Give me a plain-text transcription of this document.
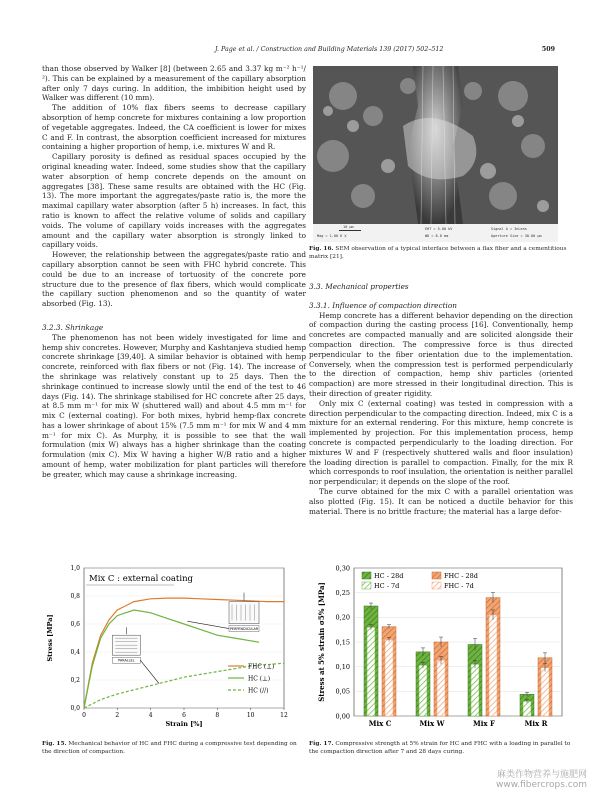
J. Page et al. / Construction and Building Materials 139 (2017) 502–512	509

than those observed by Walker [8] (between 2.65 and 3.37 kg m⁻² h⁻¹/²). This can be explained by a measurement of the capillary absorption after only 7 days curing. In addition, the imbibition height used by Walker was different (10 mm).

The addition of 10% flax fibers seems to decrease capillary absorption of hemp concrete for mixtures containing a low proportion of vegetable aggregates. Indeed, the CA coefficient is lower for mixes C and F. In contrast, the absorption coefficient increased for mixtures containing a higher proportion of hemp, i.e. mixtures W and R.

Capillary porosity is defined as residual spaces occupied by the original kneading water. Indeed, some studies show that the capillary water absorption of hemp concrete depends on the amount on aggregates [38]. These same results are obtained with the HC (Fig. 13). The more important the aggregates/paste ratio is, the more the maximal capillary water absorption (after 5 h) increases. In fact, this ratio is known to affect the relative volume of solids and capillary voids. The volume of capillary voids increases with the aggregates amount and the capillary water absorption is strongly linked to capillary voids.

However, the relationship between the aggregates/paste ratio and capillary absorption cannot be seen with FHC hybrid concrete. This could be due to an increase of tortuosity of the concrete pore structure due to the presence of flax fibers, which would complicate the capillary suction phenomenon and so the quantity of water absorbed (Fig. 13).

3.2.3. Shrinkage

The phenomenon has not been widely investigated for lime and hemp shiv concretes. However, Murphy and Kashtanjeva studied hemp concrete shrinkage [39,40]. A similar behavior is obtained with hemp concrete, reinforced with flax fibers or not (Fig. 14). The increase of the shrinkage was relatively constant up to 25 days. Then the shrinkage continued to increase slowly until the end of the test to 46 days (Fig. 14). The shrinkage stabilised for HC concrete after 25 days, at 8.5 mm m⁻¹ for mix W (shuttered wall) and about 4.5 mm m⁻¹ for mix C (external coating). For both mixes, hybrid hemp-flax concrete has a lower shrinkage of about 15% (7.5 mm m⁻¹ for mix W and 4 mm m⁻¹ for mix C). As Murphy, it is possible to see that the wall formulation (mix W) always has a higher shrinkage than the coating formulation (mix C). Mix W having a higher W/B ratio and a higher amount of hemp, water mobilization for plant particles will therefore be greater, which may cause a shrinkage increasing.

10 µm
Mag = 1.00 K X
EHT = 5.00 kV
WD = 8.8 mm
Signal A = InLens
Aperture Size = 30.00 µm
Fig. 16. SEM observation of a typical interface between a flax fiber and a cementitious matrix [21].

3.3. Mechanical properties

3.3.1. Influence of compaction direction

Hemp concrete has a different behavior depending on the direction of compaction during the casting process [16]. Conventionally, hemp concretes are compacted manually and are solicited alongside their compaction direction. The compressive force is thus directed perpendicular to the fiber orientation due to the implementation. Conversely, when the compression test is performed perpendicularly to the direction of compaction, hemp shiv particles (oriented compaction) are more stressed in their longitudinal direction. This is their direction of greater rigidity.

Only mix C (external coating) was tested in compression with a direction perpendicular to the compacting direction. Indeed, mix C is a mixture for an external rendering. For this mixture, hemp concrete is implemented by projection. For this implementation process, hemp concrete is compacted perpendicularly to the loading direction. For mixtures W and F (respectively shuttered walls and floor insulation) the loading direction is parallel to compaction. Finally, for the mix R which corresponds to roof insulation, the orientation is neither parallel nor perpendicular; it depends on the slope of the roof.

The curve obtained for the mix C with a parallel orientation was also plotted (Fig. 15). It can be noticed a ductile behavior for this material. There is no brittle fracture; the material has a large defor-

0,0
0,2
0,4
0,6
0,8
1,0
0	2	4	6	8	10	12
Strain [%]
Stress [MPa]
Mix C : external coating
PERPENDICULAR
PARALLEL
FHC (⊥)
HC (⊥)
HC (//)
Fig. 15. Mechanical behavior of HC and FHC during a compressive test depending on the direction of compaction.
0,00
0,05
0,10
0,15
0,20
0,25
0,30
Stress at 5% strain σ5% [MPa]
Mix C	Mix W	Mix F	Mix R
HC - 28d	FHC - 28d
HC - 7d	FHC - 7d
Fig. 17. Compressive strength at 5% strain for HC and FHC with a loading in parallel to the compaction direction after 7 and 28 days curing.
麻类作物营养与施肥网
www.fibercrops.com
